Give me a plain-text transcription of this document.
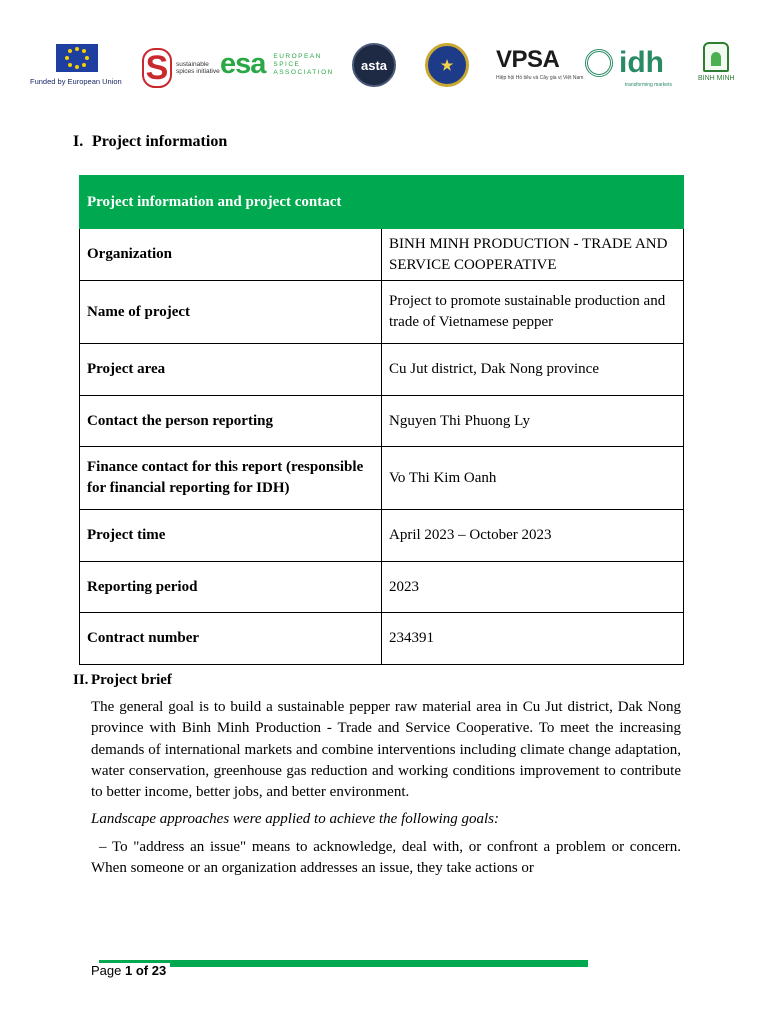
Funded by European Union S	sustainable spices initiative esa EUROPEAN SPICE ASSOCIATION	asta	★	VPSA
Hiệp hội Hồ tiêu và Cây gia vị Việt Nam idh
transforming markets
BINH MINH
I. Project information
Project information and project contact	
Organization	BINH MINH PRODUCTION - TRADE AND SERVICE COOPERATIVE
Name of project	Project to promote sustainable production and trade of Vietnamese pepper
Project area	Cu Jut district, Dak Nong province
Contact the person reporting	Nguyen Thi Phuong Ly
Finance contact for this report (responsible for financial reporting for IDH)	Vo Thi Kim Oanh
Project time	April 2023 – October 2023
Reporting period	2023
Contract number	234391
II. Project brief

The general goal is to build a sustainable pepper raw material area in Cu Jut district, Dak Nong province with Binh Minh Production - Trade and Service Cooperative. To meet the increasing demands of international markets and combine interventions including climate change adaptation, water conservation, greenhouse gas reduction and working conditions improvement to contribute to better income, better jobs, and better environment.

Landscape approaches were applied to achieve the following goals:

– To "address an issue" means to acknowledge, deal with, or confront a problem or concern. When someone or an organization addresses an issue, they take actions or

Page 1 of 23
